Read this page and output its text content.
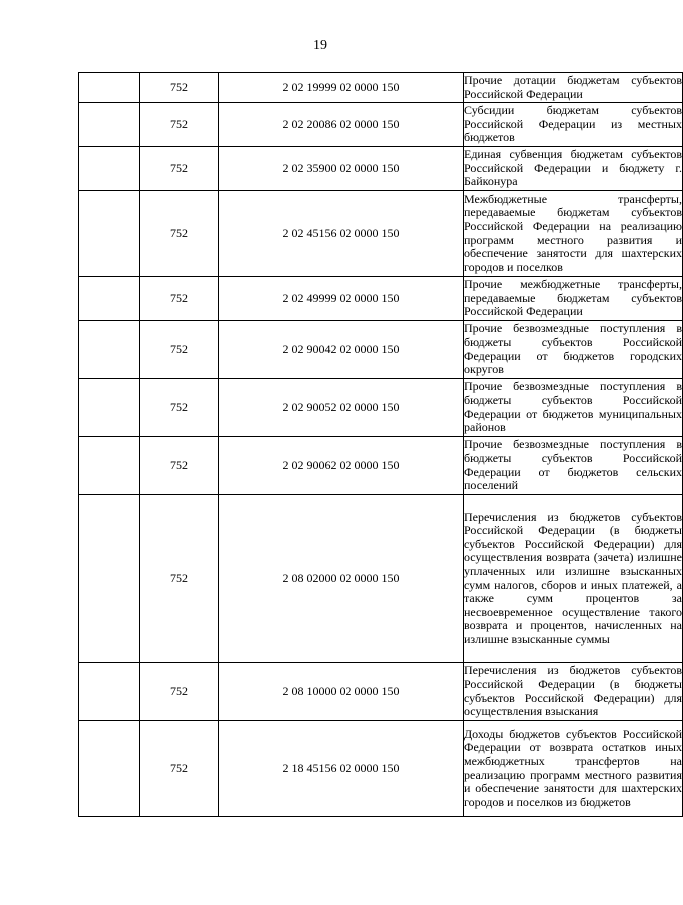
19
	752	2 02 19999 02 0000 150	Прочие дотации бюджетам субъектов Российской Федерации
	752	2 02 20086 02 0000 150	Субсидии бюджетам субъектов Российской Федерации из местных бюджетов
	752	2 02 35900 02 0000 150	Единая субвенция бюджетам субъектов Российской Федерации и бюджету г. Байконура
	752	2 02 45156 02 0000 150	Межбюджетные трансферты, передаваемые бюджетам субъектов Российской Федерации на реализацию программ местного развития и обеспечение занятости для шахтерских городов и поселков
	752	2 02 49999 02 0000 150	Прочие межбюджетные трансферты, передаваемые бюджетам субъектов Российской Федерации
	752	2 02 90042 02 0000 150	Прочие безвозмездные поступления в бюджеты субъектов Российской Федерации от бюджетов городских округов
	752	2 02 90052 02 0000 150	Прочие безвозмездные поступления в бюджеты субъектов Российской Федерации от бюджетов муниципальных районов
	752	2 02 90062 02 0000 150	Прочие безвозмездные поступления в бюджеты субъектов Российской Федерации от бюджетов сельских поселений
	752	2 08 02000 02 0000 150	Перечисления из бюджетов субъектов Российской Федерации (в бюджеты субъектов Российской Федерации) для осуществления возврата (зачета) излишне уплаченных или излишне взысканных сумм налогов, сборов и иных платежей, а также сумм процентов за несвоевременное осуществление такого возврата и процентов, начисленных на излишне взысканные суммы
	752	2 08 10000 02 0000 150	Перечисления из бюджетов субъектов Российской Федерации (в бюджеты субъектов Российской Федерации) для осуществления взыскания
	752	2 18 45156 02 0000 150	Доходы бюджетов субъектов Российской Федерации от возврата остатков иных межбюджетных трансфертов на реализацию программ местного развития и обеспечение занятости для шахтерских городов и поселков из бюджетов
